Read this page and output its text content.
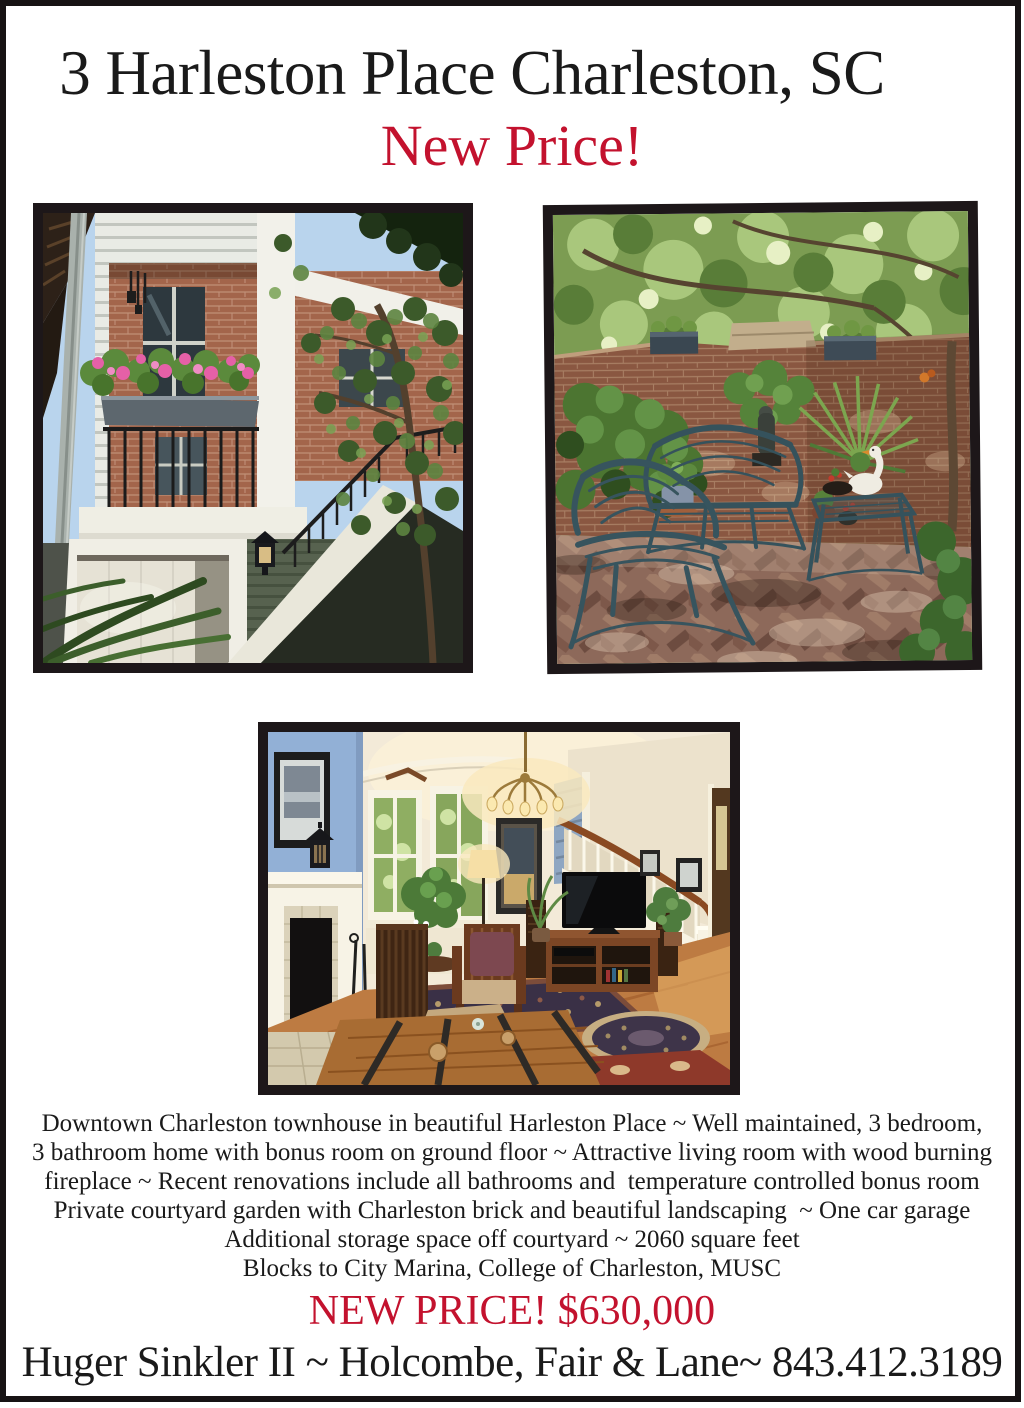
3 Harleston Place Charleston, SC
New Price!
Downtown Charleston townhouse in beautiful Harleston Place ~ Well maintained, 3 bedroom,
3 bathroom home with bonus room on ground floor ~ Attractive living room with wood burning
fireplace ~ Recent renovations include all bathrooms and  temperature controlled bonus room
Private courtyard garden with Charleston brick and beautiful landscaping  ~ One car garage
Additional storage space off courtyard ~ 2060 square feet
Blocks to City Marina, College of Charleston, MUSC
NEW PRICE! $630,000
Huger Sinkler II ~ Holcombe, Fair & Lane~ 843.412.3189
